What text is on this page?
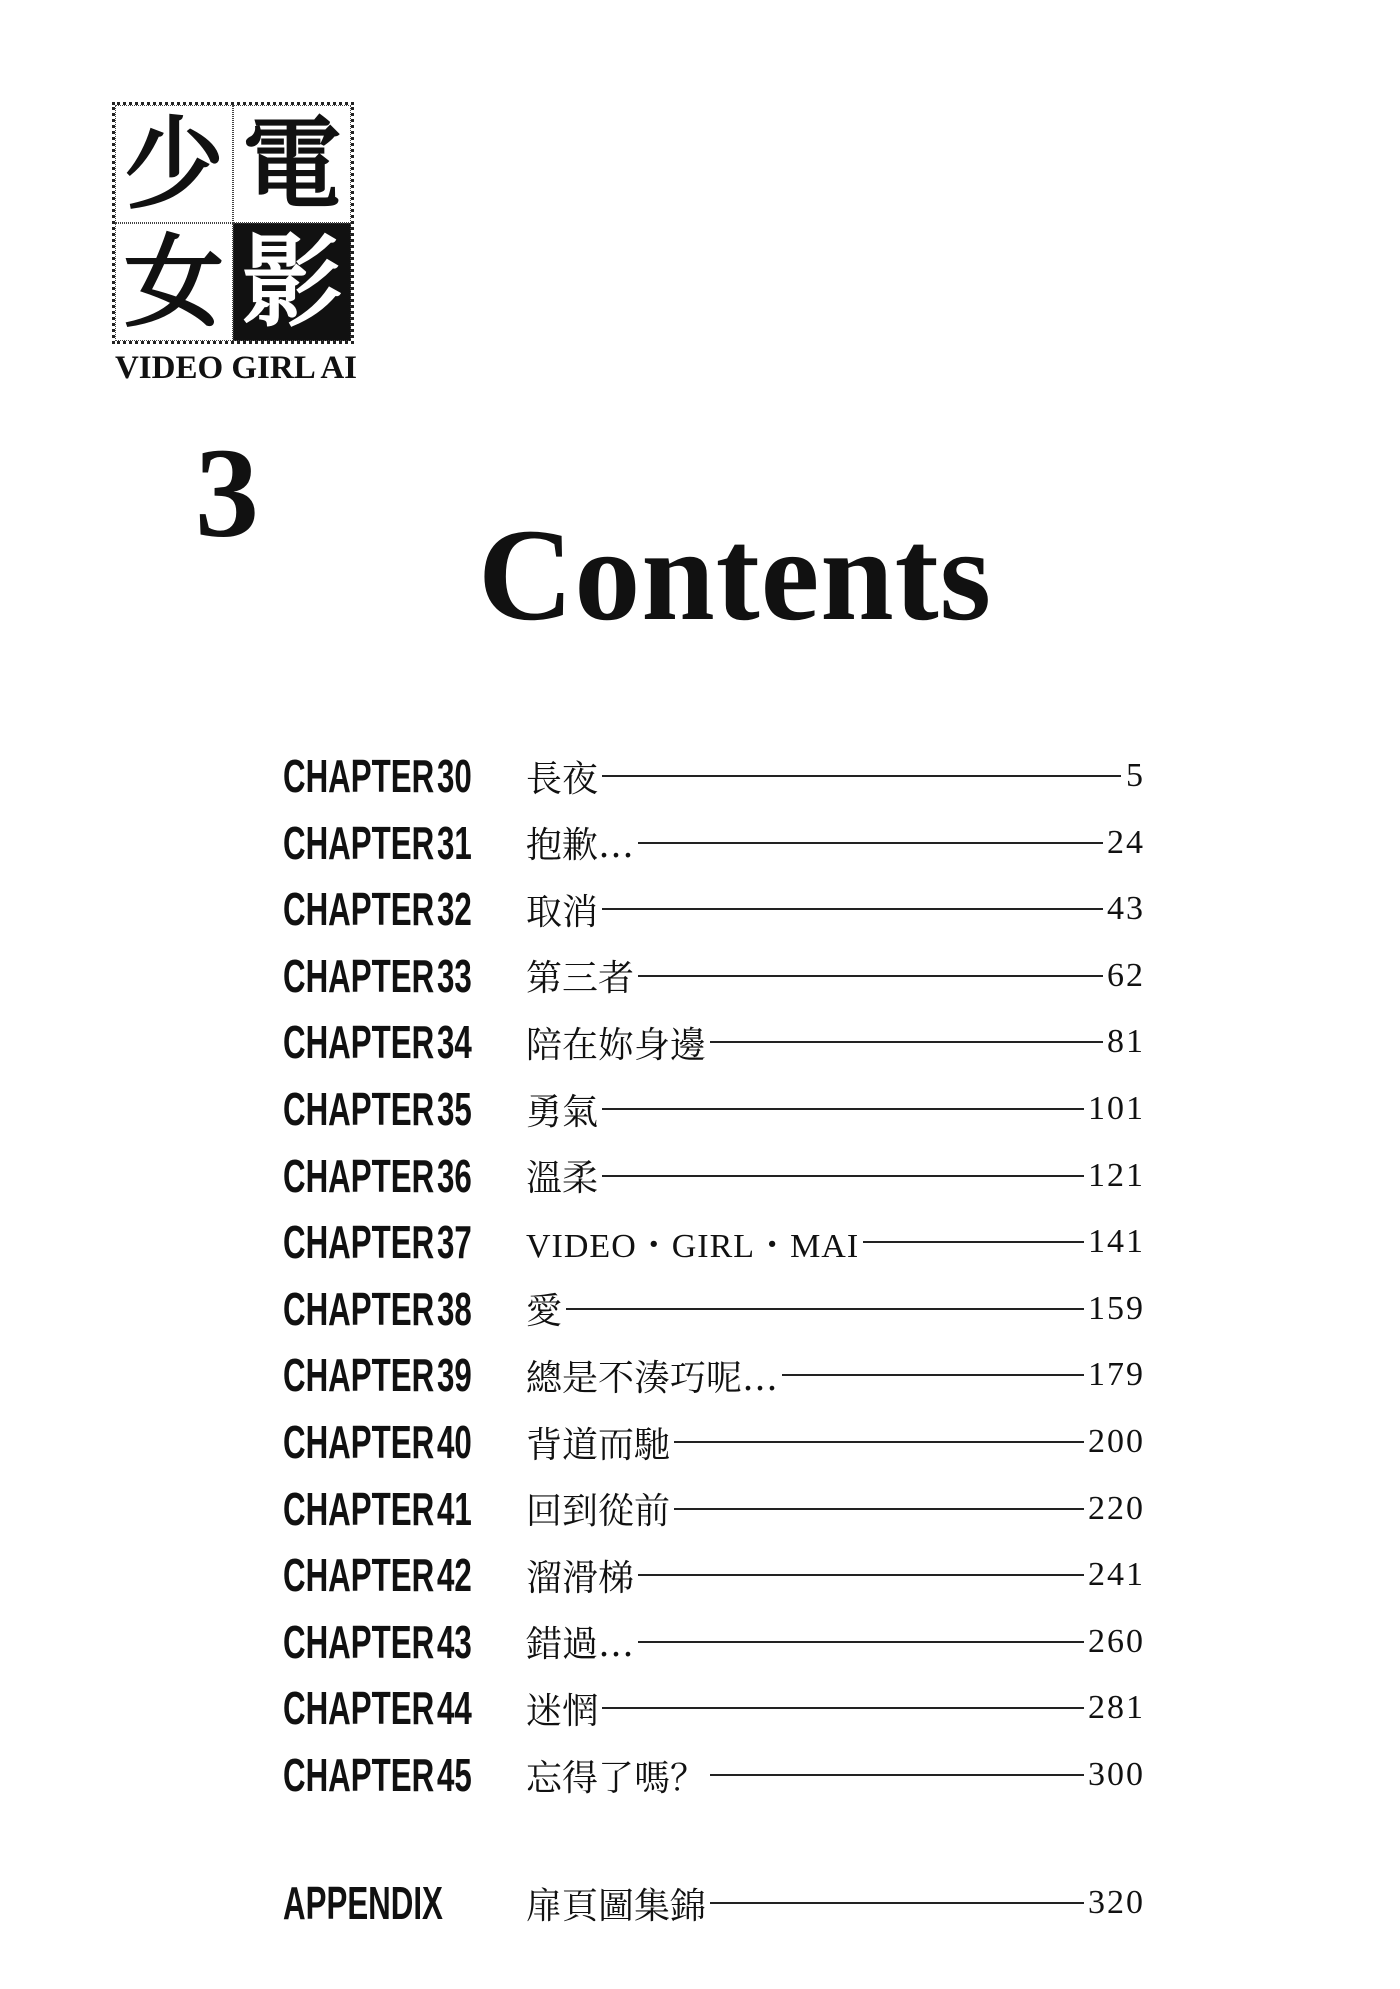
少 電
女 影
VIDEO GIRL AI
3
Contents
CHAPTER 30 長夜	5
CHAPTER 31 抱歉…	24
CHAPTER 32 取消	43
CHAPTER 33 第三者	62
CHAPTER 34 陪在妳身邊	81
CHAPTER 35 勇氣	101
CHAPTER 36 溫柔	121
CHAPTER 37 VIDEO・GIRL・MAI	141
CHAPTER 38 愛	159
CHAPTER 39 總是不湊巧呢…	179
CHAPTER 40 背道而馳	200
CHAPTER 41 回到從前	220
CHAPTER 42 溜滑梯	241
CHAPTER 43 錯過…	260
CHAPTER 44 迷惘	281
CHAPTER 45 忘得了嗎？	300
APPENDIX 扉頁圖集錦	320
